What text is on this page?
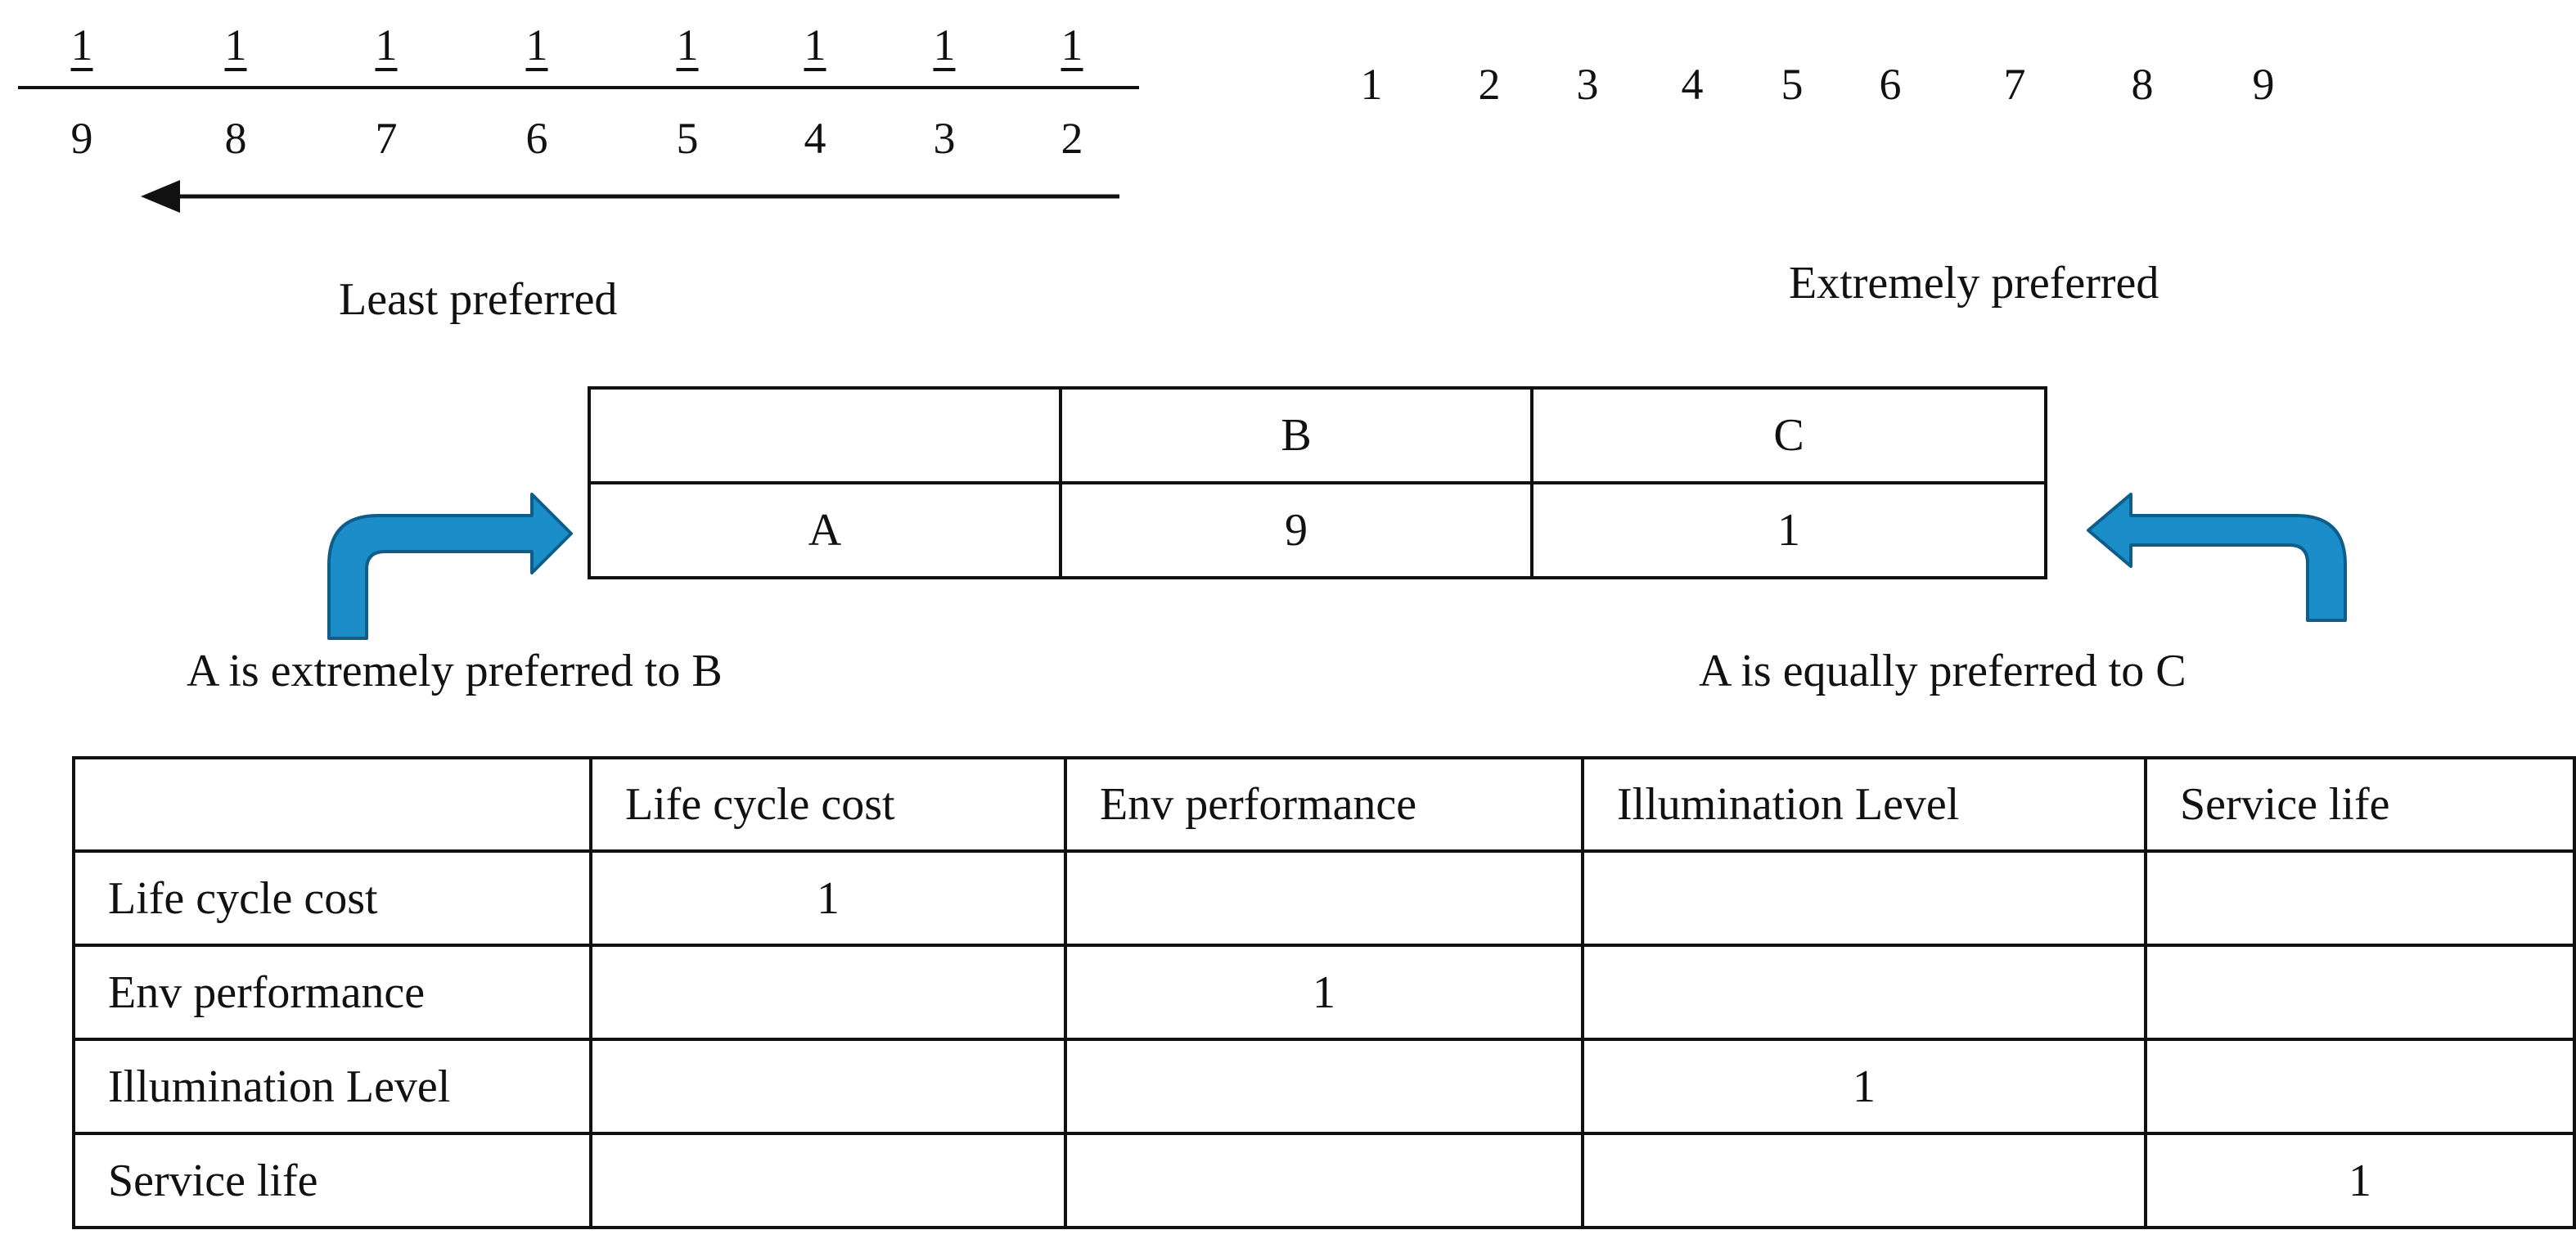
1
9
1
8
1
7
1
6
1
5
1
4
1
3
1
2
1	2	3	4	5	6	7	8	9
Least preferred	Extremely preferred
	B	C
A	9	1
A is extremely preferred to B	A is equally preferred to C
	Life cycle cost	Env performance	Illumination Level	Service life
Life cycle cost	1			
Env performance		1		
Illumination Level			1	
Service life				1
